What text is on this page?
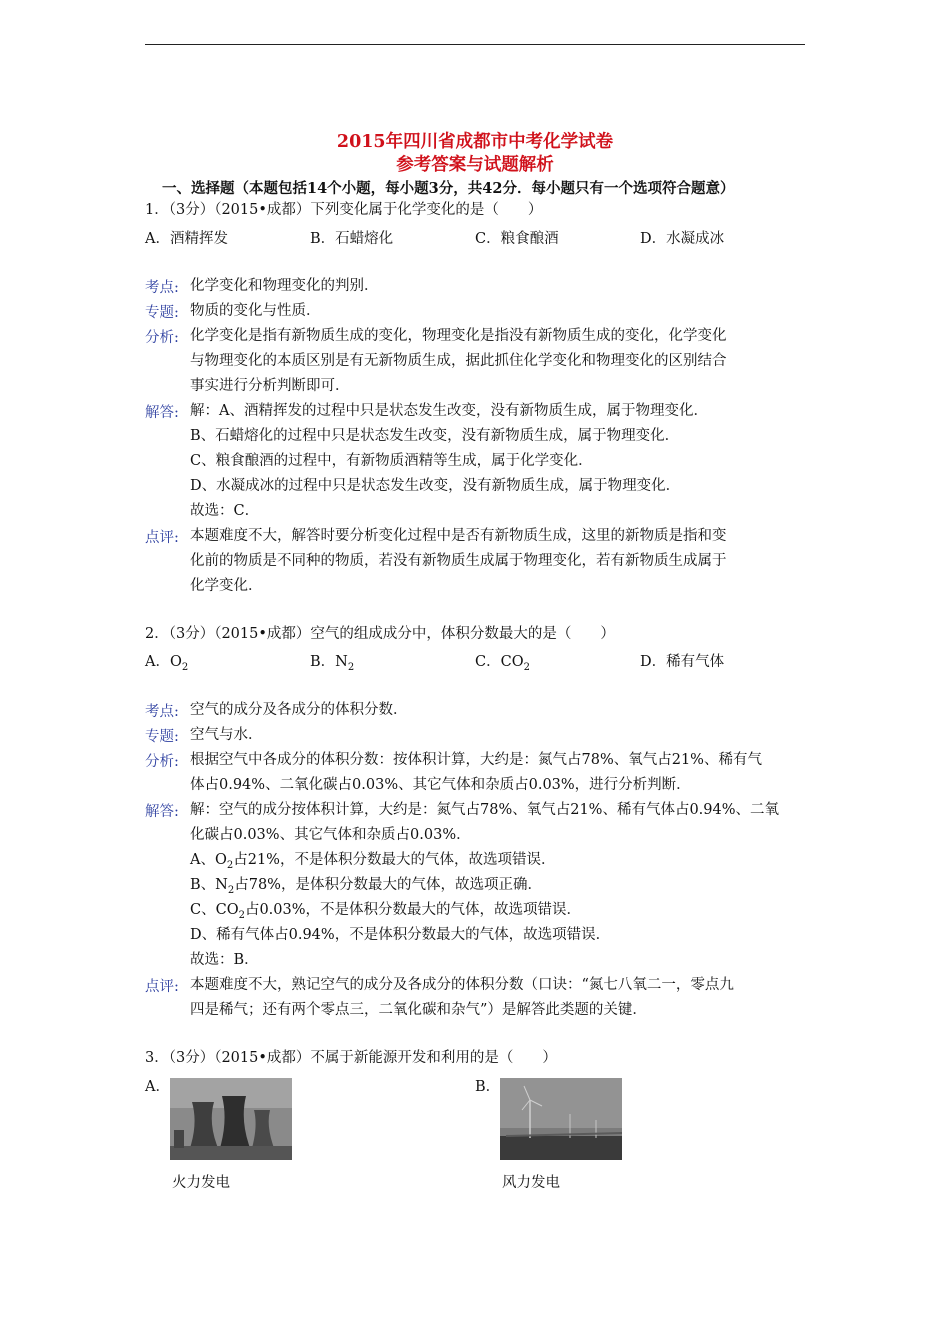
2015年四川省成都市中考化学试卷
参考答案与试题解析
一、选择题（本题包括14个小题，每小题3分，共42分．每小题只有一个选项符合题意）
1．（3分）（2015•成都）下列变化属于化学变化的是（　　）
A．酒精挥发	B．石蜡熔化	C．粮食酿酒	D．水凝成冰
考点: 化学变化和物理变化的判别．
专题: 物质的变化与性质．
分析: 化学变化是指有新物质生成的变化，物理变化是指没有新物质生成的变化，化学变化
与物理变化的本质区别是有无新物质生成，据此抓住化学变化和物理变化的区别结合
事实进行分析判断即可．
解答: 解：A、酒精挥发的过程中只是状态发生改变，没有新物质生成，属于物理变化．
B、石蜡熔化的过程中只是状态发生改变，没有新物质生成，属于物理变化．
C、粮食酿酒的过程中，有新物质酒精等生成，属于化学变化．
D、水凝成冰的过程中只是状态发生改变，没有新物质生成，属于物理变化．
故选：C．
点评: 本题难度不大，解答时要分析变化过程中是否有新物质生成，这里的新物质是指和变
化前的物质是不同种的物质，若没有新物质生成属于物理变化，若有新物质生成属于
化学变化．
2．（3分）（2015•成都）空气的组成成分中，体积分数最大的是（　　）
A．$O_2$	B．$N_2$	C．$CO_2$	D．稀有气体
考点: 空气的成分及各成分的体积分数．
专题: 空气与水．
分析: 根据空气中各成分的体积分数：按体积计算，大约是：氮气占78%、氧气占21%、稀有气
体占0.94%、二氧化碳占0.03%、其它气体和杂质占0.03%，进行分析判断．
解答: 解：空气的成分按体积计算，大约是：氮气占78%、氧气占21%、稀有气体占0.94%、二氧
化碳占0.03%、其它气体和杂质占0.03%．
A、$O_2$占21%，不是体积分数最大的气体，故选项错误．
B、$N_2$占78%，是体积分数最大的气体，故选项正确．
C、$CO_2$占0.03%，不是体积分数最大的气体，故选项错误．
D、稀有气体占0.94%，不是体积分数最大的气体，故选项错误．
故选：B．
点评: 本题难度不大，熟记空气的成分及各成分的体积分数（口诀：“氮七八氧二一，零点九
四是稀气；还有两个零点三，二氧化碳和杂气”）是解答此类题的关键．
3．（3分）（2015•成都）不属于新能源开发和利用的是（　　）
A．	B．
火力发电	风力发电
